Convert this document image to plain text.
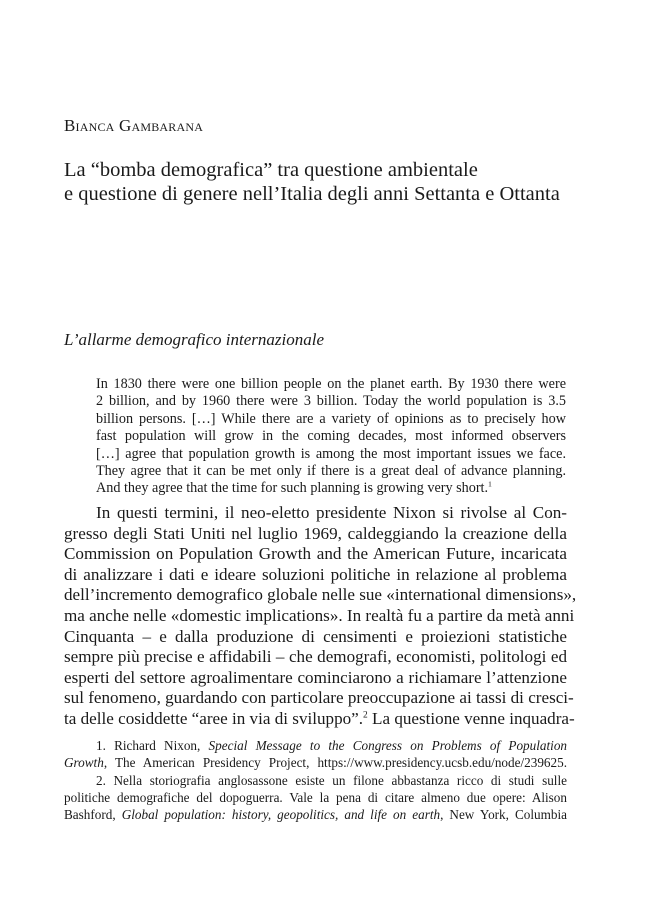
Bianca Gambarana
La “bomba demografica” tra questione ambientale
e questione di genere nell’Italia degli anni Settanta e Ottanta
L’allarme demografico internazionale
In 1830 there were one billion people on the planet earth. By 1930 there were
2 billion, and by 1960 there were 3 billion. Today the world population is 3.5
billion persons. […] While there are a variety of opinions as to precisely how
fast population will grow in the coming decades, most informed observers
[…] agree that population growth is among the most important issues we face.
They agree that it can be met only if there is a great deal of advance planning.
And they agree that the time for such planning is growing very short.$^1$
In questi termini, il neo-eletto presidente Nixon si rivolse al Con-
gresso degli Stati Uniti nel luglio 1969, caldeggiando la creazione della
Commission on Population Growth and the American Future, incaricata
di analizzare i dati e ideare soluzioni politiche in relazione al problema
dell’incremento demografico globale nelle sue «international dimensions»,
ma anche nelle «domestic implications». In realtà fu a partire da metà anni
Cinquanta – e dalla produzione di censimenti e proiezioni statistiche
sempre più precise e affidabili – che demografi, economisti, politologi ed
esperti del settore agroalimentare cominciarono a richiamare l’attenzione
sul fenomeno, guardando con particolare preoccupazione ai tassi di cresci-
ta delle cosiddette “aree in via di sviluppo”.$^2$ La questione venne inquadra-
1. Richard Nixon, Special Message to the Congress on Problems of Population
Growth, The American Presidency Project, https://www.presidency.ucsb.edu/node/239625.
2. Nella storiografia anglosassone esiste un filone abbastanza ricco di studi sulle
politiche demografiche del dopoguerra. Vale la pena di citare almeno due opere: Alison
Bashford, Global population: history, geopolitics, and life on earth, New York, Columbia
